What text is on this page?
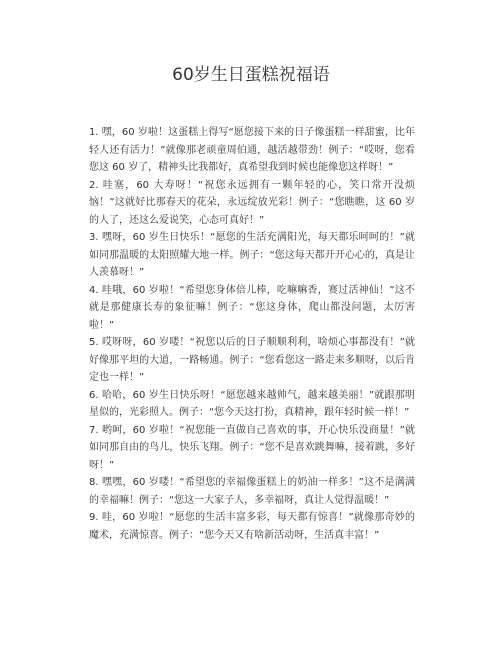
60岁生日蛋糕祝福语

1. 嘿，60 岁啦！这蛋糕上得写“愿您接下来的日子像蛋糕一样甜蜜，比年轻人还有活力！”就像那老顽童周伯通，越活越带劲！例子：“哎呀，您看您这 60 岁了，精神头比我都好，真希望我到时候也能像您这样呀！”

2. 哇塞，60 大寿呀！“祝您永远拥有一颗年轻的心，笑口常开没烦恼！”这就好比那春天的花朵，永远绽放光彩！例子：“您瞧瞧，这 60 岁的人了，还这么爱说笑，心态可真好！”

3. 嘿呀，60 岁生日快乐！“愿您的生活充满阳光，每天都乐呵呵的！”就如同那温暖的太阳照耀大地一样。例子：“您这每天都开开心心的，真是让人羡慕呀！”

4. 哇哦，60 岁啦！“希望您身体倍儿棒，吃嘛嘛香，赛过活神仙！”这不就是那健康长寿的象征嘛！例子：“您这身体，爬山都没问题，太厉害啦！”

5. 哎呀呀，60 岁喽！“祝您以后的日子顺顺利利，啥烦心事都没有！”就好像那平坦的大道，一路畅通。例子：“您看您这一路走来多顺呀，以后肯定也一样！”

6. 哈哈，60 岁生日快乐呀！“愿您越来越帅气，越来越美丽！”就跟那明星似的，光彩照人。例子：“您今天这打扮，真精神，跟年轻时候一样！”

7. 哟呵，60 岁啦！“祝您能一直做自己喜欢的事，开心快乐没商量！”就如同那自由的鸟儿，快乐飞翔。例子：“您不是喜欢跳舞嘛，接着跳，多好呀！”

8. 嘿嘿，60 岁喽！“希望您的幸福像蛋糕上的奶油一样多！”这不是满满的幸福嘛！例子：“您这一大家子人，多幸福呀，真让人觉得温暖！”

9. 哇，60 岁啦！“愿您的生活丰富多彩，每天都有惊喜！”就像那奇妙的魔术，充满惊喜。例子：“您今天又有啥新活动呀，生活真丰富！”
